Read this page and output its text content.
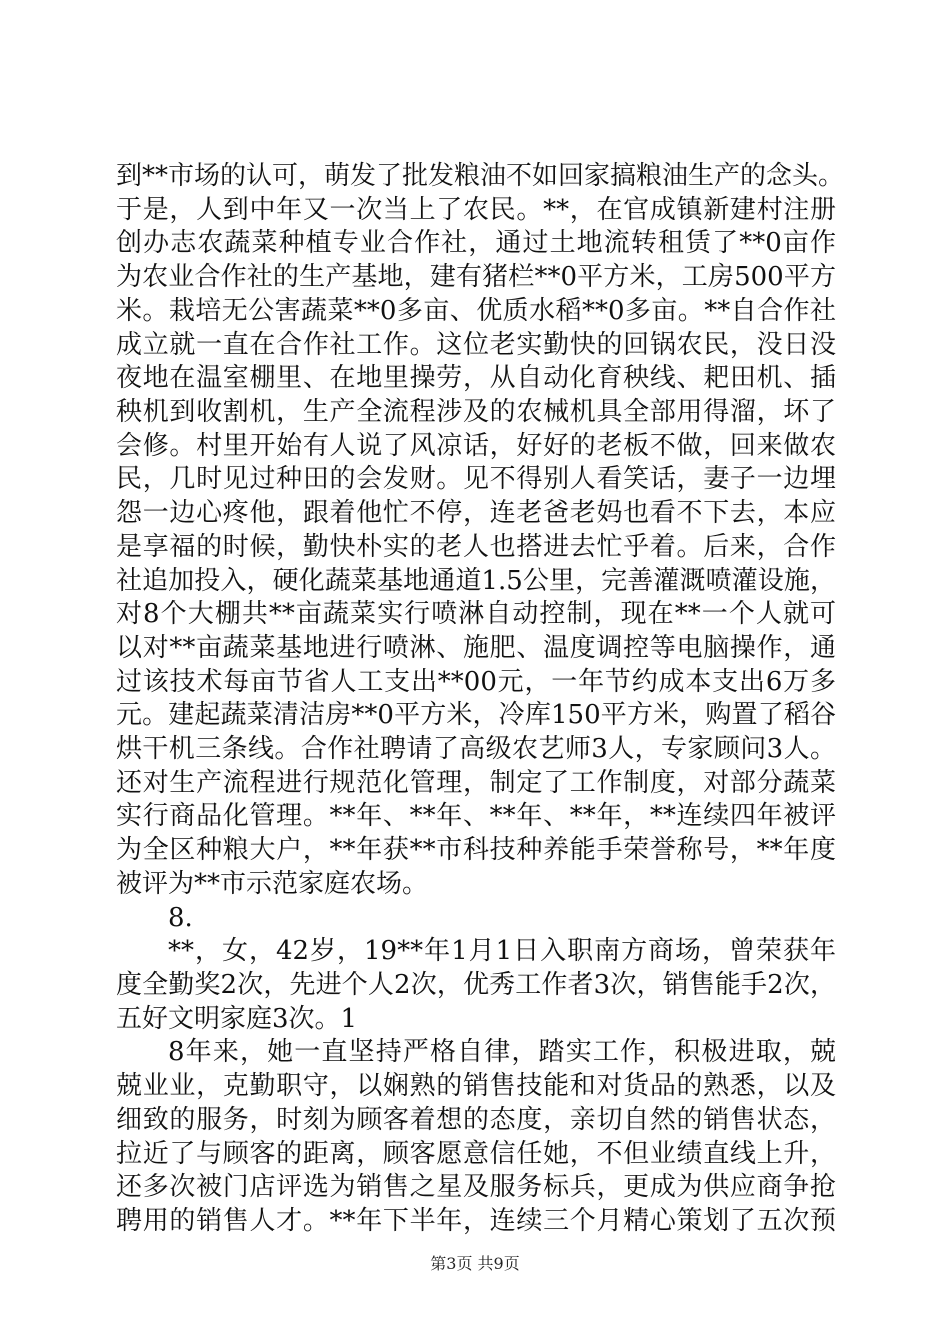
到**市场的认可，萌发了批发粮油不如回家搞粮油生产的念头。
于是，人到中年又一次当上了农民。**，在官成镇新建村注册
创办志农蔬菜种植专业合作社，通过土地流转租赁了**0亩作
为农业合作社的生产基地，建有猪栏**0平方米，工房500平方
米。栽培无公害蔬菜**0多亩、优质水稻**0多亩。**自合作社
成立就一直在合作社工作。这位老实勤快的回锅农民，没日没
夜地在温室棚里、在地里操劳，从自动化育秧线、耙田机、插
秧机到收割机，生产全流程涉及的农械机具全部用得溜，坏了
会修。村里开始有人说了风凉话，好好的老板不做，回来做农
民，几时见过种田的会发财。见不得别人看笑话，妻子一边埋
怨一边心疼他，跟着他忙不停，连老爸老妈也看不下去，本应
是享福的时候，勤快朴实的老人也搭进去忙乎着。后来，合作
社追加投入，硬化蔬菜基地通道1.5公里，完善灌溉喷灌设施，
对8个大棚共**亩蔬菜实行喷淋自动控制，现在**一个人就可
以对**亩蔬菜基地进行喷淋、施肥、温度调控等电脑操作，通
过该技术每亩节省人工支出**00元，一年节约成本支出6万多
元。建起蔬菜清洁房**0平方米，冷库150平方米，购置了稻谷
烘干机三条线。合作社聘请了高级农艺师3人，专家顾问3人。
还对生产流程进行规范化管理，制定了工作制度，对部分蔬菜
实行商品化管理。**年、**年、**年、**年，**连续四年被评
为全区种粮大户，**年获**市科技种养能手荣誉称号，**年度
被评为**市示范家庭农场。
8.
**，女，42岁，19**年1月1日入职南方商场，曾荣获年
度全勤奖2次，先进个人2次，优秀工作者3次，销售能手2次，
五好文明家庭3次。1
8年来，她一直坚持严格自律，踏实工作，积极进取，兢
兢业业，克勤职守，以娴熟的销售技能和对货品的熟悉，以及
细致的服务，时刻为顾客着想的态度，亲切自然的销售状态，
拉近了与顾客的距离，顾客愿意信任她，不但业绩直线上升，
还多次被门店评选为销售之星及服务标兵，更成为供应商争抢
聘用的销售人才。**年下半年，连续三个月精心策划了五次预
第3页 共9页
